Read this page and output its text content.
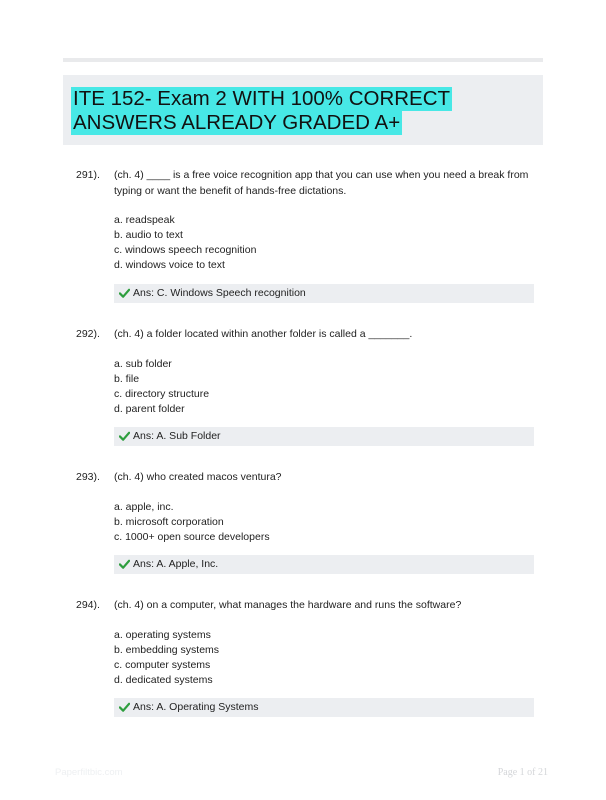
ITE 152- Exam 2 WITH 100% CORRECT
ANSWERS ALREADY GRADED A+
291). (ch. 4) ____ is a free voice recognition app that you can use when you need a break from typing or want the benefit of hands-free dictations.
a. readspeak
b. audio to text
c. windows speech recognition
d. windows voice to text
Ans: C. Windows Speech recognition
292). (ch. 4) a folder located within another folder is called a _______.
a. sub folder
b. file
c. directory structure
d. parent folder
Ans: A. Sub Folder
293). (ch. 4) who created macos ventura?
a. apple, inc.
b. microsoft corporation
c. 1000+ open source developers
Ans: A. Apple, Inc.
294). (ch. 4) on a computer, what manages the hardware and runs the software?
a. operating systems
b. embedding systems
c. computer systems
d. dedicated systems
Ans: A. Operating Systems
Paperfiltbic.com	Page 1 of 21
